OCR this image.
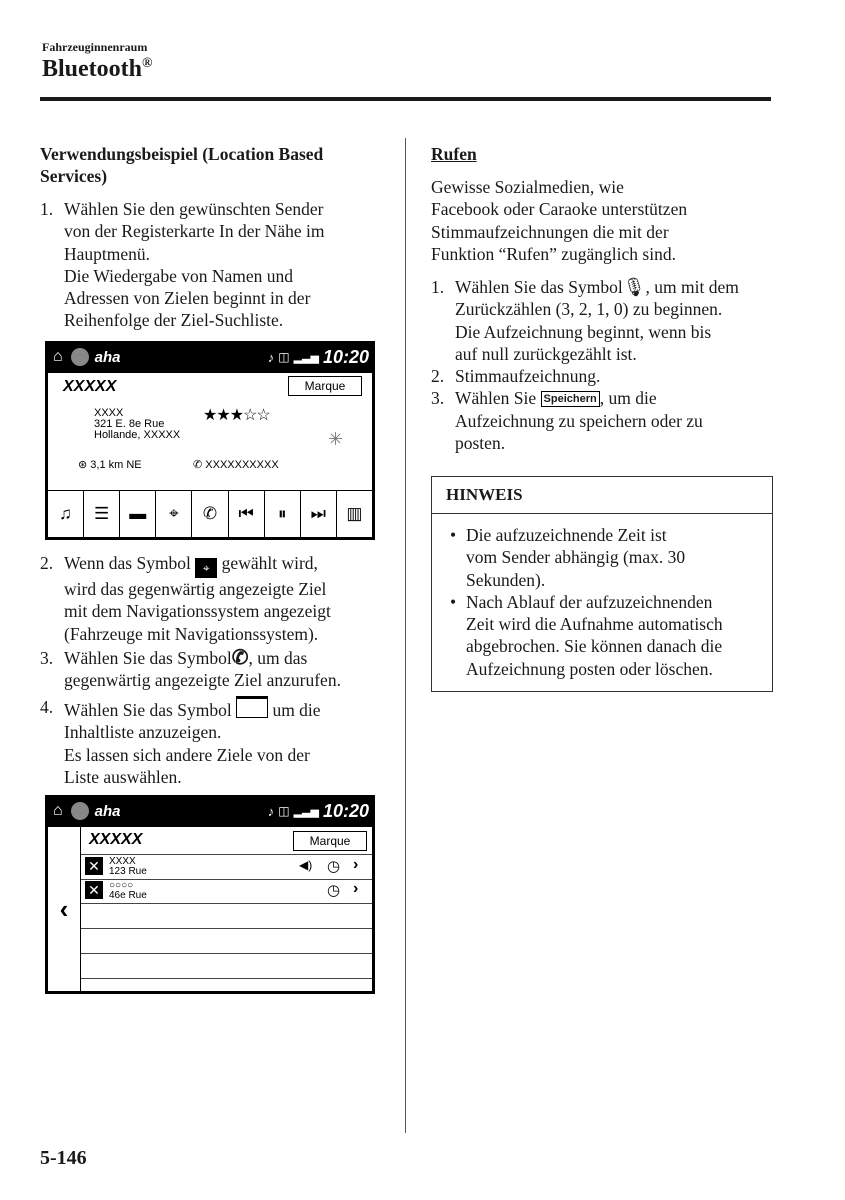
Fahrzeuginnenraum
Bluetooth®
Verwendungsbeispiel (Location Based Services)
1. Wählen Sie den gewünschten Sender
von der Registerkarte In der Nähe im
Hauptmenü.
Die Wiedergabe von Namen und
Adressen von Zielen beginnt in der
Reihenfolge der Ziel-Suchliste.
⌂ aha	♪ ◫ ▂▃▅ 10:20
XXXXX	Marque
XXXX
321 E. 8e Rue
Hollande, XXXXX
★★★☆☆
✳
⊛ 3,1 km NE	✆ XXXXXXXXXX
♫	☰	▬	⌖	✆	⏮	⏸	⏭	▥
2. Wenn das Symbol ⌖ gewählt wird,
wird das gegenwärtig angezeigte Ziel
mit dem Navigationssystem angezeigt
(Fahrzeuge mit Navigationssystem).
3. Wählen Sie das Symbol✆, um das
gegenwärtig angezeigte Ziel anzurufen.
4. Wählen Sie das Symbol um die
Inhaltliste anzuzeigen.
Es lassen sich andere Ziele von der
Liste auswählen.
⌂ aha	♪ ◫ ▂▃▅ 10:20
‹
XXXXX	Marque
✕ XXXX
123 Rue	◀) ◷ ›
✕ ○○○○
46e Rue	◷ ›
Rufen
Gewisse Sozialmedien, wie
Facebook oder Caraoke unterstützen
Stimmaufzeichnungen die mit der
Funktion “Rufen” zugänglich sind.
1. Wählen Sie das Symbol🎙, um mit dem
Zurückzählen (3, 2, 1, 0) zu beginnen.
Die Aufzeichnung beginnt, wenn bis
auf null zurückgezählt ist.
2. Stimmaufzeichnung.
3. Wählen Sie Speichern , um die
Aufzeichnung zu speichern oder zu
posten.
HINWEIS
• Die aufzuzeichnende Zeit ist
vom Sender abhängig (max. 30
Sekunden).
• Nach Ablauf der aufzuzeichnenden
Zeit wird die Aufnahme automatisch
abgebrochen. Sie können danach die
Aufzeichnung posten oder löschen.
5-146
